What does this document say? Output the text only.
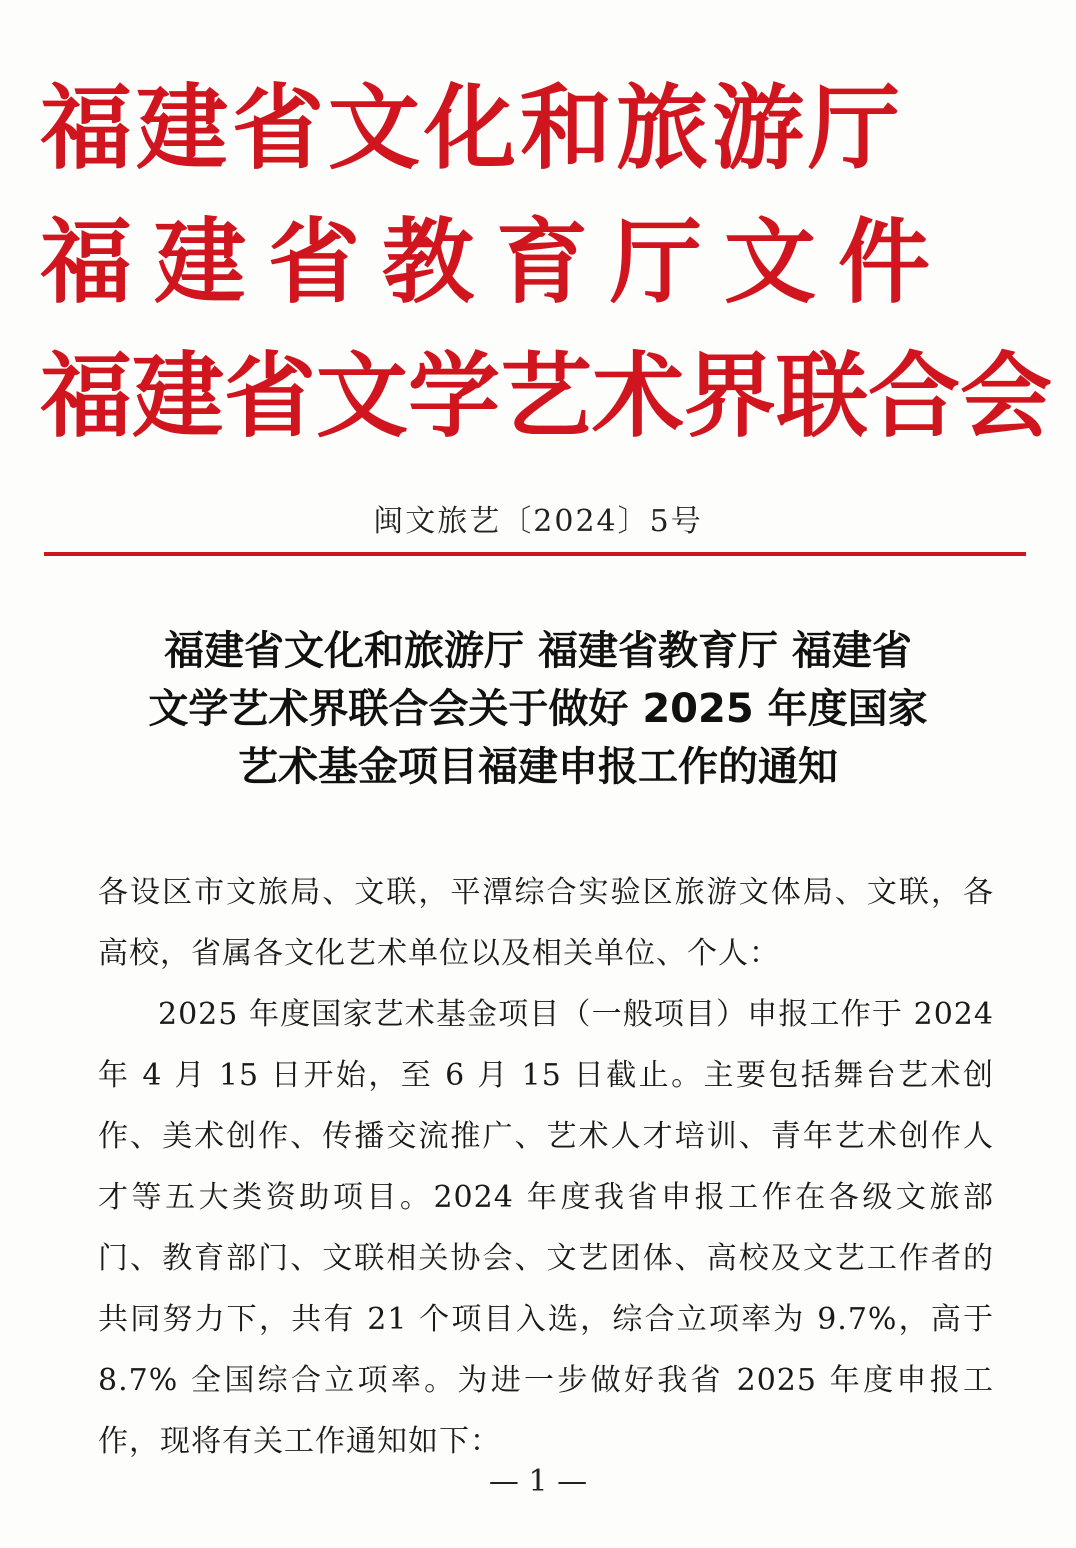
福建省文化和旅游厅
福建省教育厅文件
福建省文学艺术界联合会
闽文旅艺〔2024〕5号
福建省文化和旅游厅 福建省教育厅 福建省
文学艺术界联合会关于做好 2025 年度国家
艺术基金项目福建申报工作的通知

各设区市文旅局、文联，平潭综合实验区旅游文体局、文联，各高校，省属各文化艺术单位以及相关单位、个人：

2025 年度国家艺术基金项目（一般项目）申报工作于 2024 年 4 月 15 日开始，至 6 月 15 日截止。主要包括舞台艺术创作、美术创作、传播交流推广、艺术人才培训、青年艺术创作人才等五大类资助项目。2024 年度我省申报工作在各级文旅部门、教育部门、文联相关协会、文艺团体、高校及文艺工作者的共同努力下，共有 21 个项目入选，综合立项率为 9.7%，高于 8.7% 全国综合立项率。为进一步做好我省 2025 年度申报工作，现将有关工作通知如下：

— 1 —
